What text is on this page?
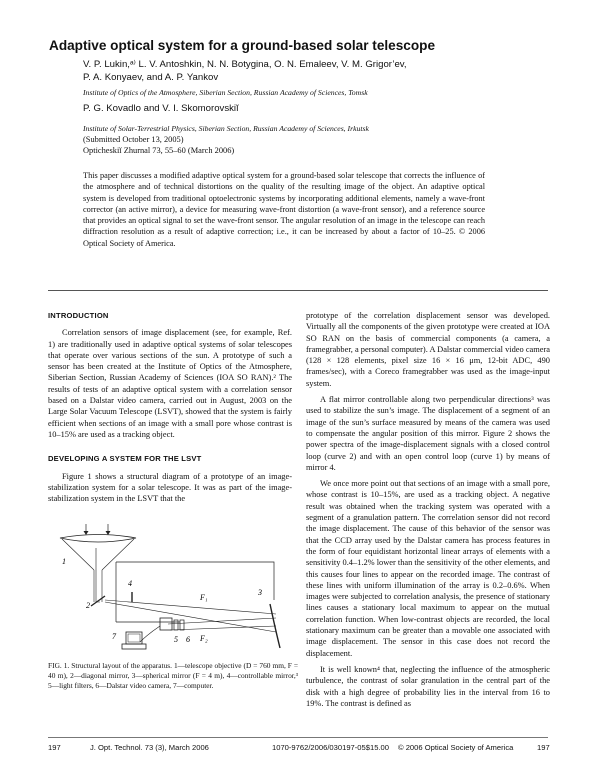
Adaptive optical system for a ground-based solar telescope
V. P. Lukin,ᵃ⁾ L. V. Antoshkin, N. N. Botygina, O. N. Emaleev, V. M. Grigor’ev,
P. A. Konyaev, and A. P. Yankov
Institute of Optics of the Atmosphere, Siberian Section, Russian Academy of Sciences, Tomsk
P. G. Kovadlo and V. I. Skomorovskiĭ
Institute of Solar-Terrestrial Physics, Siberian Section, Russian Academy of Sciences, Irkutsk
(Submitted October 13, 2005)
Opticheskiĭ Zhurnal 73, 55–60 (March 2006)
This paper discusses a modified adaptive optical system for a ground-based solar telescope that corrects the influence of the atmosphere and of technical distortions on the quality of the resulting image of the object. An adaptive optical system is developed from traditional optoelectronic systems by incorporating additional elements, namely a wave-front corrector (an active mirror), a device for measuring wave-front distortion (a wave-front sensor), and a reference source that provides an optical signal to set the wave-front sensor. The angular resolution of an image in the telescope can reach diffraction resolution as a result of adaptive correction; i.e., it can be increased by about a factor of 10–25. © 2006 Optical Society of America.
INTRODUCTION

Correlation sensors of image displacement (see, for example, Ref. 1) are traditionally used in adaptive optical systems of solar telescopes that operate over various sections of the sun. A prototype of such a sensor has been created at the Institute of Optics of the Atmosphere, Siberian Section, Russian Academy of Sciences (IOA SO RAN).² The results of tests of an adaptive optical system with a correlation sensor based on a Dalstar video camera, carried out in August, 2003 on the Large Solar Vacuum Telescope (LSVT), showed that the system is fairly efficient when sections of an image with a small pore whose contrast is 10–15% are used as a tracking object.

DEVELOPING A SYSTEM FOR THE LSVT

Figure 1 shows a structural diagram of a prototype of an image-stabilization system for a solar telescope. It was as part of the image-stabilization system in the LSVT that the

1
2
3
4
F₁
F₂
5 6
7
FIG. 1. Structural layout of the apparatus. 1—telescope objective (D = 760 mm, F = 40 m), 2—diagonal mirror, 3—spherical mirror (F = 4 m), 4—controllable mirror,³ 5—light filters, 6—Dalstar video camera, 7—computer.

prototype of the correlation displacement sensor was developed. Virtually all the components of the given prototype were created at IOA SO RAN on the basis of commercial components (a camera, a framegrabber, a personal computer). A Dalstar commercial video camera (128 × 128 elements, pixel size 16 × 16 μm, 12-bit ADC, 490 frames/sec), with a Coreco framegrabber was used as the image-input system.

A flat mirror controllable along two perpendicular directions³ was used to stabilize the sun’s image. The displacement of a segment of an image of the sun’s surface measured by means of the camera was used to compensate the angular position of this mirror. Figure 2 shows the power spectra of the image-displacement signals with a closed control loop (curve 2) and with an open control loop (curve 1) by means of mirror 4.

We once more point out that sections of an image with a small pore, whose contrast is 10–15%, are used as a tracking object. A negative result was obtained when the tracking system was operated with a segment of a granulation pattern. The correlation sensor did not record the image displacement. The cause of this behavior of the sensor was that the CCD array used by the Dalstar camera has process features in the form of four equidistant horizontal linear arrays of elements with a sensitivity 0.4–1.2% lower than the sensitivity of the other elements, and this causes four lines to appear on the recorded image. The contrast of these lines with uniform illumination of the array is 0.2–0.6%. When images were subjected to correlation analysis, the presence of stationary lines causes a stationary local maximum to appear on the mutual correlation function. When low-contrast objects are recorded, the local stationary maximum can be greater than a movable one associated with image displacement. The sensor in this case does not record the displacement.

It is well known⁴ that, neglecting the influence of the atmospheric turbulence, the contrast of solar granulation in the central part of the disk with a high degree of probability lies in the interval from 16 to 19%. The contrast is defined as

197	J. Opt. Technol. 73 (3), March 2006	1070-9762/2006/030197-05$15.00 © 2006 Optical Society of America	197
